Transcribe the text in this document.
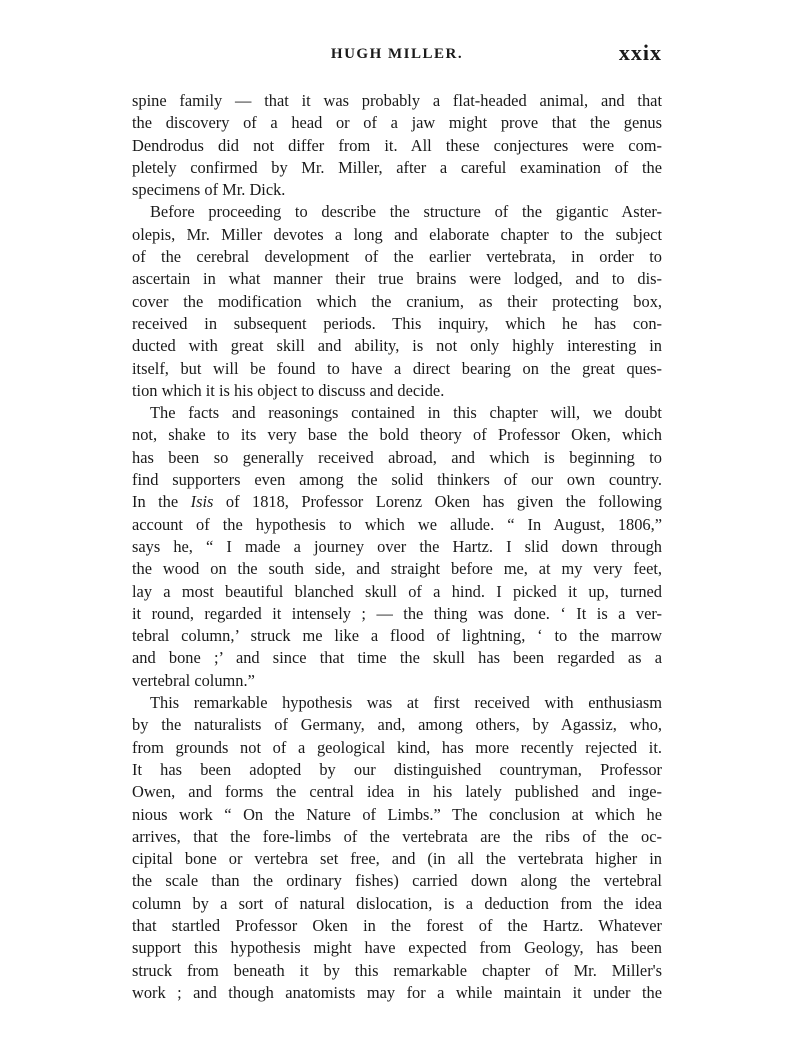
HUGH MILLER.	xxix
spine family — that it was probably a flat-headed animal, and that
the discovery of a head or of a jaw might prove that the genus
Dendrodus did not differ from it. All these conjectures were com-
pletely confirmed by Mr. Miller, after a careful examination of the
specimens of Mr. Dick.
Before proceeding to describe the structure of the gigantic Aster-
olepis, Mr. Miller devotes a long and elaborate chapter to the subject
of the cerebral development of the earlier vertebrata, in order to
ascertain in what manner their true brains were lodged, and to dis-
cover the modification which the cranium, as their protecting box,
received in subsequent periods. This inquiry, which he has con-
ducted with great skill and ability, is not only highly interesting in
itself, but will be found to have a direct bearing on the great ques-
tion which it is his object to discuss and decide.
The facts and reasonings contained in this chapter will, we doubt
not, shake to its very base the bold theory of Professor Oken, which
has been so generally received abroad, and which is beginning to
find supporters even among the solid thinkers of our own country.
In the Isis of 1818, Professor Lorenz Oken has given the following
account of the hypothesis to which we allude. “ In August, 1806,”
says he, “ I made a journey over the Hartz. I slid down through
the wood on the south side, and straight before me, at my very feet,
lay a most beautiful blanched skull of a hind. I picked it up, turned
it round, regarded it intensely ; — the thing was done. ‘ It is a ver-
tebral column,’ struck me like a flood of lightning, ‘ to the marrow
and bone ;’ and since that time the skull has been regarded as a
vertebral column.”
This remarkable hypothesis was at first received with enthusiasm
by the naturalists of Germany, and, among others, by Agassiz, who,
from grounds not of a geological kind, has more recently rejected it.
It has been adopted by our distinguished countryman, Professor
Owen, and forms the central idea in his lately published and inge-
nious work “ On the Nature of Limbs.” The conclusion at which he
arrives, that the fore-limbs of the vertebrata are the ribs of the oc-
cipital bone or vertebra set free, and (in all the vertebrata higher in
the scale than the ordinary fishes) carried down along the vertebral
column by a sort of natural dislocation, is a deduction from the idea
that startled Professor Oken in the forest of the Hartz. Whatever
support this hypothesis might have expected from Geology, has been
struck from beneath it by this remarkable chapter of Mr. Miller's
work ; and though anatomists may for a while maintain it under the
